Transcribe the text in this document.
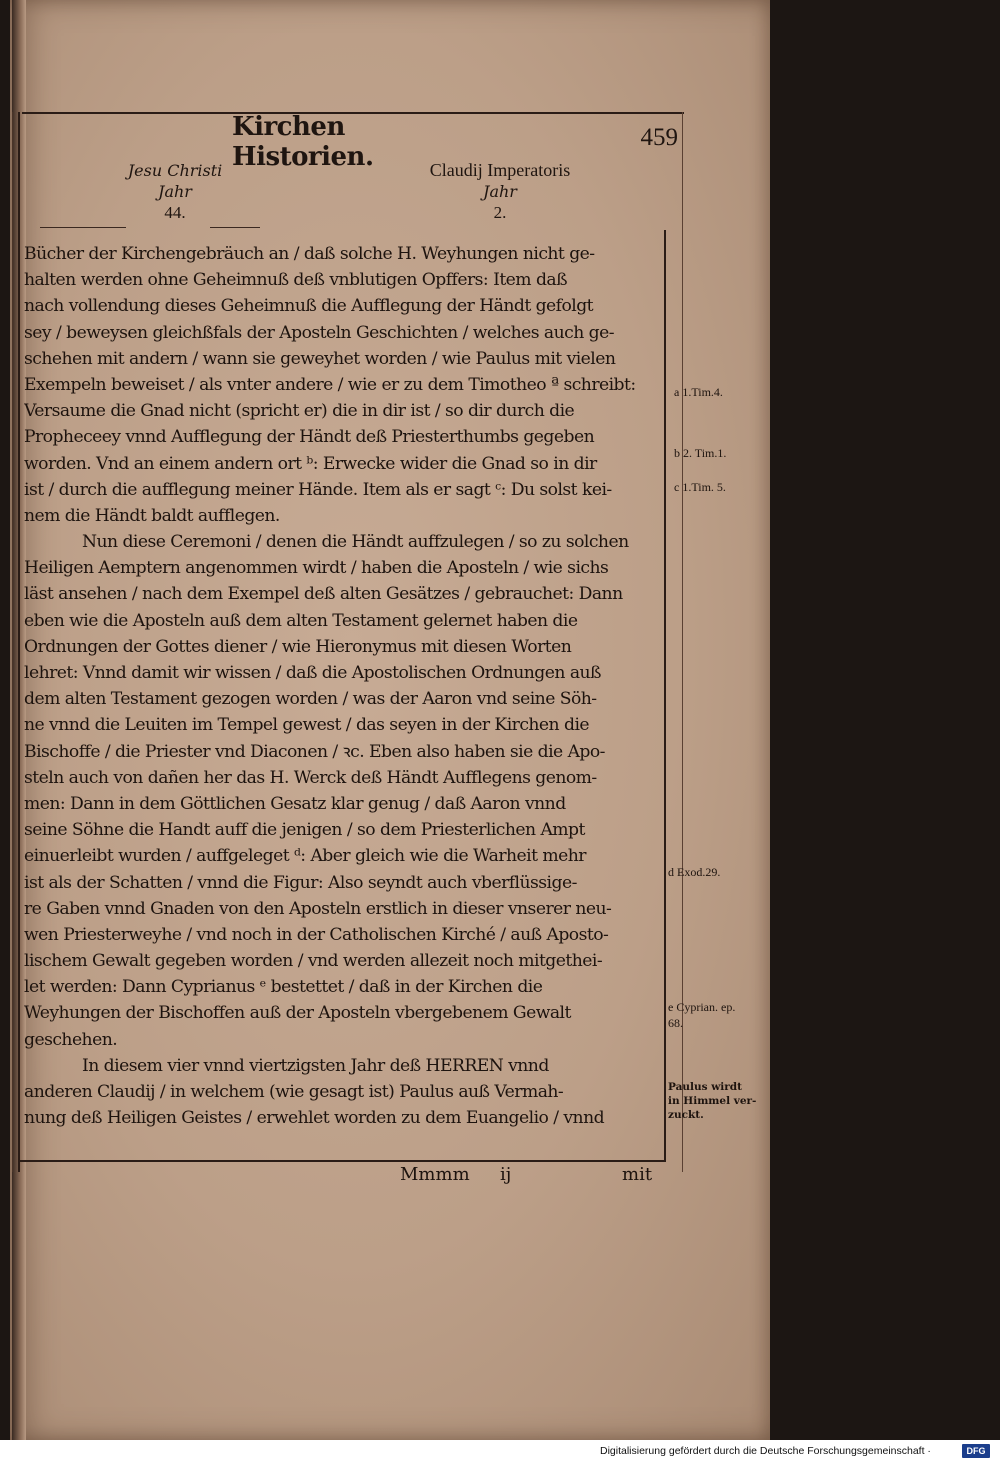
Kirchen Historien.
459
Jesu Christi
Jahr
44.
Claudij Imperatoris
Jahr
2.
Bücher der Kirchengebräuch an / daß solche H. Weyhungen nicht ge-
halten werden ohne Geheimnuß deß vnblutigen Opffers: Item daß
nach vollendung dieses Geheimnuß die Aufflegung der Händt gefolgt
sey / beweysen gleichßfals der Aposteln Geschichten / welches auch ge-
schehen mit andern / wann sie geweyhet worden / wie Paulus mit vielen
Exempeln beweiset / als vnter andere / wie er zu dem Timotheo ª schreibt:
Versaume die Gnad nicht (spricht er) die in dir ist / so dir durch die
Propheceey vnnd Aufflegung der Händt deß Priesterthumbs gegeben
worden. Vnd an einem andern ort ᵇ: Erwecke wider die Gnad so in dir
ist / durch die aufflegung meiner Hände. Item als er sagt ᶜ: Du solst kei-
nem die Händt baldt aufflegen.
Nun diese Ceremoni / denen die Händt auffzulegen / so zu solchen
Heiligen Aemptern angenommen wirdt / haben die Aposteln / wie sichs
läst ansehen / nach dem Exempel deß alten Gesätzes / gebrauchet: Dann
eben wie die Aposteln auß dem alten Testament gelernet haben die
Ordnungen der Gottes diener / wie Hieronymus mit diesen Worten
lehret: Vnnd damit wir wissen / daß die Apostolischen Ordnungen auß
dem alten Testament gezogen worden / was der Aaron vnd seine Söh-
ne vnnd die Leuiten im Tempel gewest / das seyen in der Kirchen die
Bischoffe / die Priester vnd Diaconen / ꝛc. Eben also haben sie die Apo-
steln auch von dañen her das H. Werck deß Händt Aufflegens genom-
men: Dann in dem Göttlichen Gesatz klar genug / daß Aaron vnnd
seine Söhne die Handt auff die jenigen / so dem Priesterlichen Ampt
einuerleibt wurden / auffgeleget ᵈ: Aber gleich wie die Warheit mehr
ist als der Schatten / vnnd die Figur: Also seyndt auch vberflüssige-
re Gaben vnnd Gnaden von den Aposteln erstlich in dieser vnserer neu-
wen Priesterweyhe / vnd noch in der Catholischen Kirché / auß Aposto-
lischem Gewalt gegeben worden / vnd werden allezeit noch mitgethei-
let werden: Dann Cyprianus ᵉ bestettet / daß in der Kirchen die
Weyhungen der Bischoffen auß der Aposteln vbergebenem Gewalt
geschehen.
In diesem vier vnnd viertzigsten Jahr deß HERREN vnnd
anderen Claudij / in welchem (wie gesagt ist) Paulus auß Vermah-
nung deß Heiligen Geistes / erwehlet worden zu dem Euangelio / vnnd
a 1.Tim.4.
b 2. Tim.1.
c 1.Tim. 5.
d Exod.29.
e Cyprian. ep.
68.
Paulus wirdt
in Himmel ver-
zuckt.
Mmmm ij	mit
Digitalisierung gefördert durch die Deutsche Forschungsgemeinschaft ·	DFG
